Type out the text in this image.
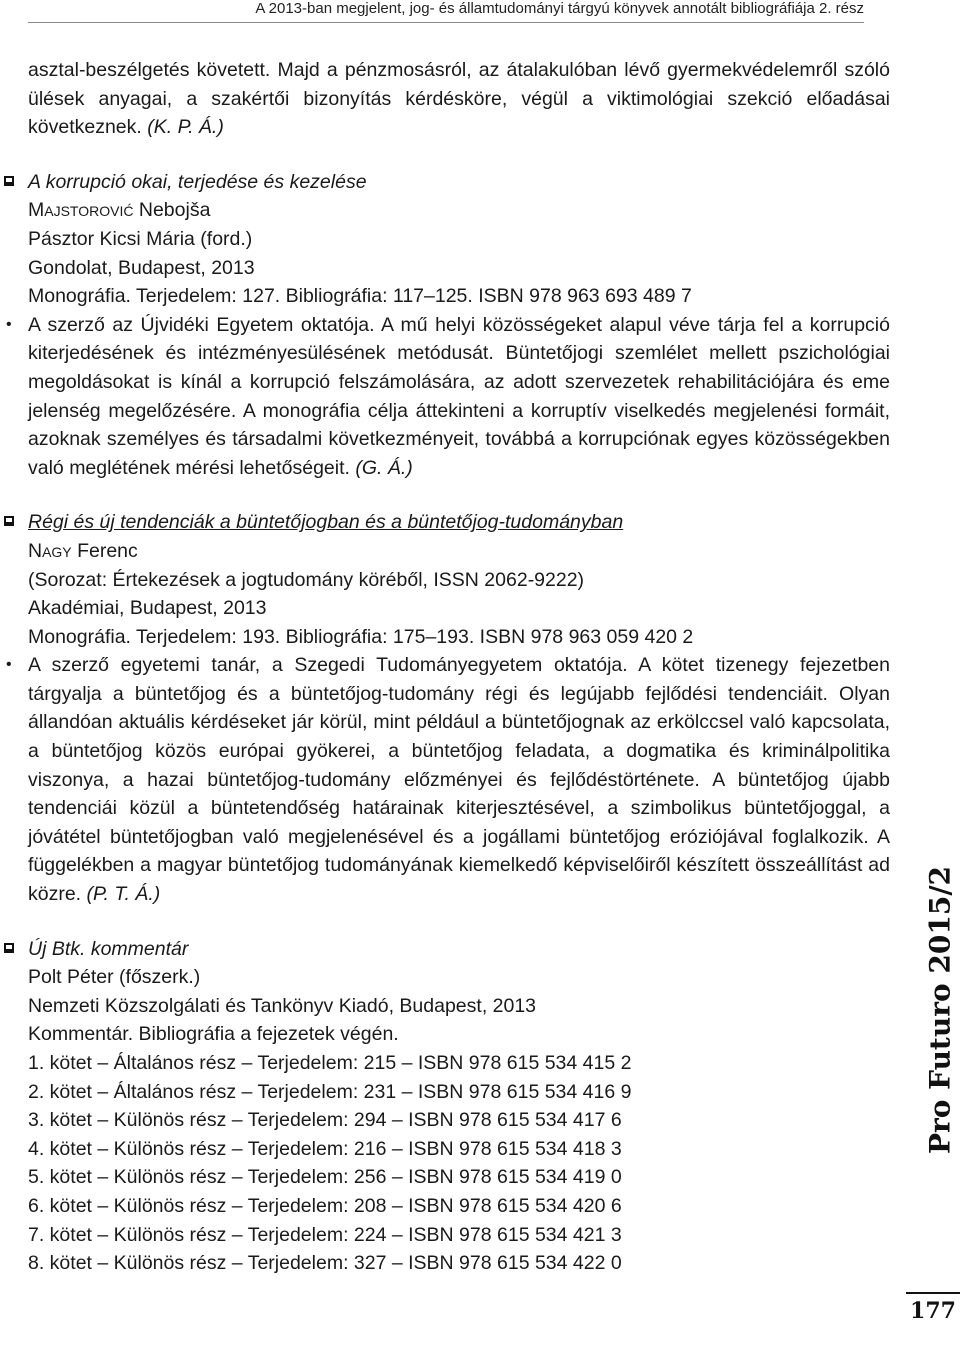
A 2013-ban megjelent, jog- és államtudományi tárgyú könyvek annotált bibliográfiája 2. rész

asztal-beszélgetés követett. Majd a pénzmosásról, az átalakulóban lévő gyermekvédelemről szóló ülések anyagai, a szakértői bizonyítás kérdésköre, végül a viktimológiai szekció előadásai következnek. (K. P. Á.)

A korrupció okai, terjedése és kezelése

Majstorović Nebojša

Pásztor Kicsi Mária (ford.)

Gondolat, Budapest, 2013

Monográfia. Terjedelem: 127. Bibliográfia: 117–125. ISBN 978 963 693 489 7

• A szerző az Újvidéki Egyetem oktatója. A mű helyi közösségeket alapul véve tárja fel a korrupció kiterjedésének és intézményesülésének metódusát. Büntetőjogi szemlélet mellett pszichológiai megoldásokat is kínál a korrupció felszámolására, az adott szervezetek rehabilitációjára és eme jelenség megelőzésére. A monográfia célja áttekinteni a korruptív viselkedés megjelenési formáit, azoknak személyes és társadalmi következményeit, továbbá a korrupciónak egyes közösségekben való meglétének mérési lehetőségeit. (G. Á.)

Régi és új tendenciák a büntetőjogban és a büntetőjog-tudományban

Nagy Ferenc

(Sorozat: Értekezések a jogtudomány köréből, ISSN 2062-9222)

Akadémiai, Budapest, 2013

Monográfia. Terjedelem: 193. Bibliográfia: 175–193. ISBN 978 963 059 420 2

• A szerző egyetemi tanár, a Szegedi Tudományegyetem oktatója. A kötet tizenegy fejezetben tárgyalja a büntetőjog és a büntetőjog-tudomány régi és legújabb fejlődési tendenciáit. Olyan állandóan aktuális kérdéseket jár körül, mint például a büntetőjognak az erkölccsel való kapcsolata, a büntetőjog közös európai gyökerei, a büntetőjog feladata, a dogmatika és kriminálpolitika viszonya, a hazai büntetőjog-tudomány előzményei és fejlődéstörténete. A büntetőjog újabb tendenciái közül a büntetendőség határainak kiterjesztésével, a szimbolikus büntetőjoggal, a jóvátétel büntetőjogban való megjelenésével és a jogállami büntetőjog eróziójával foglalkozik. A függelékben a magyar büntetőjog tudományának kiemelkedő képviselőiről készített összeállítást ad közre. (P. T. Á.)

Új Btk. kommentár

Polt Péter (főszerk.)

Nemzeti Közszolgálati és Tankönyv Kiadó, Budapest, 2013

Kommentár. Bibliográfia a fejezetek végén.

1. kötet – Általános rész – Terjedelem: 215 – ISBN 978 615 534 415 2

2. kötet – Általános rész – Terjedelem: 231 – ISBN 978 615 534 416 9

3. kötet – Különös rész – Terjedelem: 294 – ISBN 978 615 534 417 6

4. kötet – Különös rész – Terjedelem: 216 – ISBN 978 615 534 418 3

5. kötet – Különös rész – Terjedelem: 256 – ISBN 978 615 534 419 0

6. kötet – Különös rész – Terjedelem: 208 – ISBN 978 615 534 420 6

7. kötet – Különös rész – Terjedelem: 224 – ISBN 978 615 534 421 3

8. kötet – Különös rész – Terjedelem: 327 – ISBN 978 615 534 422 0

Pro Futuro 2015/2
177
